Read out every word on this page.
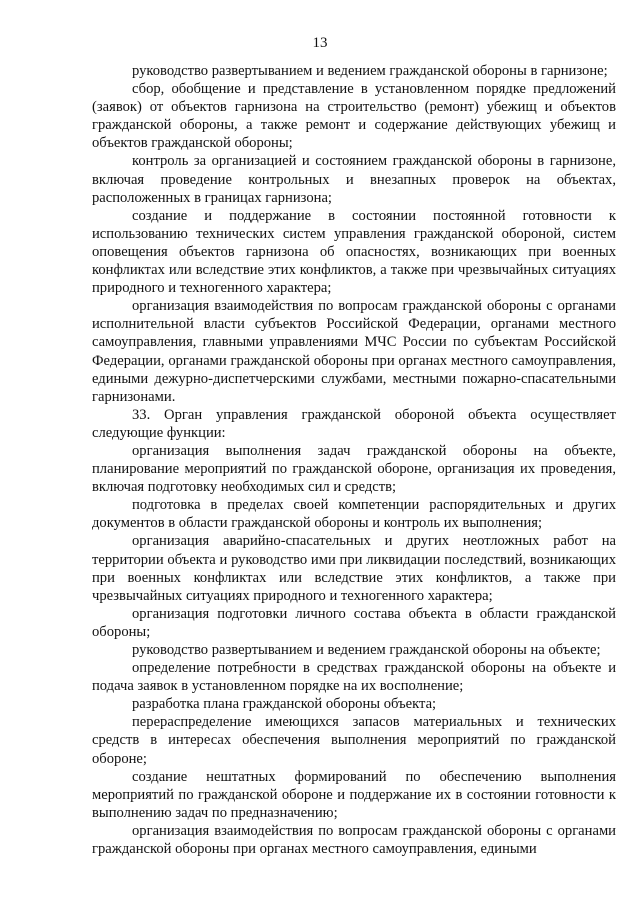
13

руководство развертыванием и ведением гражданской обороны в гарнизоне;

сбор, обобщение и представление в установленном порядке предложений (заявок) от объектов гарнизона на строительство (ремонт) убежищ и объектов гражданской обороны, а также ремонт и содержание действующих убежищ и объектов гражданской обороны;

контроль за организацией и состоянием гражданской обороны в гарнизоне, включая проведение контрольных и внезапных проверок на объектах, расположенных в границах гарнизона;

создание и поддержание в состоянии постоянной готовности к использованию технических систем управления гражданской обороной, систем оповещения объектов гарнизона об опасностях, возникающих при военных конфликтах или вследствие этих конфликтов, а также при чрезвычайных ситуациях природного и техногенного характера;

организация взаимодействия по вопросам гражданской обороны с органами исполнительной власти субъектов Российской Федерации, органами местного самоуправления, главными управлениями МЧС России по субъектам Российской Федерации, органами гражданской обороны при органах местного самоуправления, едиными дежурно-диспетчерскими службами, местными пожарно-спасательными гарнизонами.

33. Орган управления гражданской обороной объекта осуществляет следующие функции:

организация выполнения задач гражданской обороны на объекте, планирование мероприятий по гражданской обороне, организация их проведения, включая подготовку необходимых сил и средств;

подготовка в пределах своей компетенции распорядительных и других документов в области гражданской обороны и контроль их выполнения;

организация аварийно-спасательных и других неотложных работ на территории объекта и руководство ими при ликвидации последствий, возникающих при военных конфликтах или вследствие этих конфликтов, а также при чрезвычайных ситуациях природного и техногенного характера;

организация подготовки личного состава объекта в области гражданской обороны;

руководство развертыванием и ведением гражданской обороны на объекте;

определение потребности в средствах гражданской обороны на объекте и подача заявок в установленном порядке на их восполнение;

разработка плана гражданской обороны объекта;

перераспределение имеющихся запасов материальных и технических средств в интересах обеспечения выполнения мероприятий по гражданской обороне;

создание нештатных формирований по обеспечению выполнения мероприятий по гражданской обороне и поддержание их в состоянии готовности к выполнению задач по предназначению;

организация взаимодействия по вопросам гражданской обороны с органами гражданской обороны при органах местного самоуправления, едиными
